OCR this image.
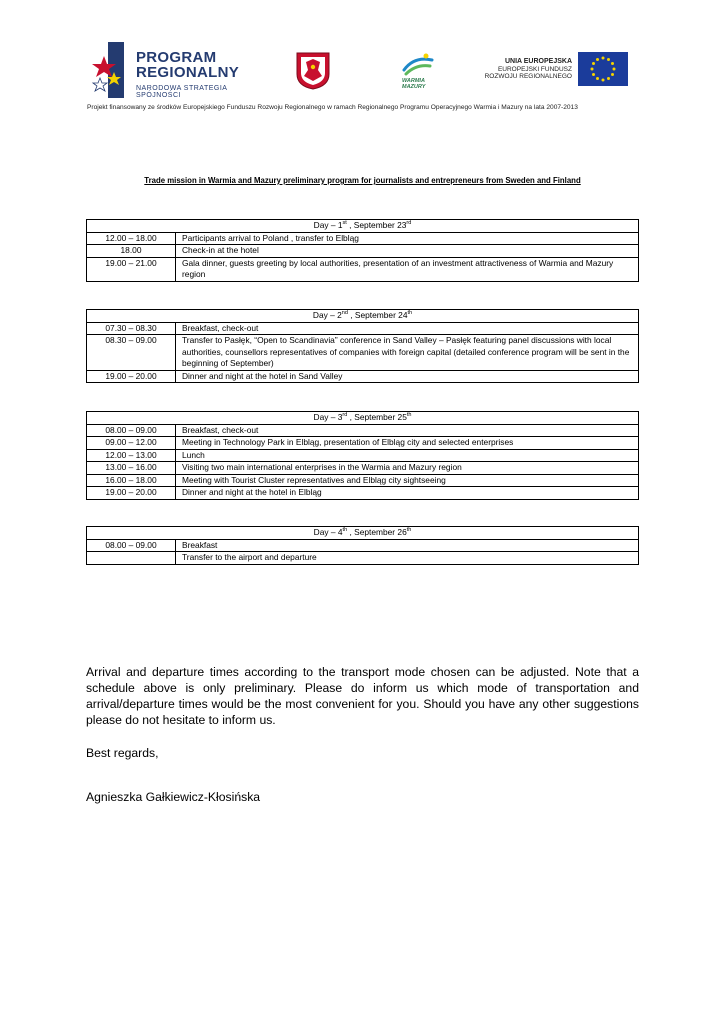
PROGRAM
REGIONALNY
NARODOWA STRATEGIA SPÓJNOŚCI
WARMIA
MAZURY
UNIA EUROPEJSKA
EUROPEJSKI FUNDUSZ
ROZWOJU REGIONALNEGO
Projekt finansowany ze środków Europejskiego Funduszu Rozwoju Regionalnego w ramach Regionalnego Programu Operacyjnego Warmia i Mazury na lata 2007-2013
Trade mission in Warmia and Mazury preliminary program for journalists and entrepreneurs from Sweden and Finland
Day – 1st , September 23rd
12.00 – 18.00	Participants arrival to Poland , transfer to Elbląg
18.00	Check-in at the hotel
19.00 – 21.00	Gala dinner, guests greeting by local authorities, presentation of an investment attractiveness of Warmia and Mazury region
Day – 2nd , September 24th
07.30 – 08.30	Breakfast, check-out
08.30 – 09.00	Transfer to Pasłęk, “Open to Scandinavia” conference in Sand Valley – Pasłęk featuring panel discussions with local authorities, counsellors representatives of companies with foreign capital (detailed conference program will be sent in the beginning of September)
19.00 – 20.00	Dinner and night at the hotel in Sand Valley
Day – 3rd , September 25th
08.00 – 09.00	Breakfast, check-out
09.00 – 12.00	Meeting in Technology Park in Elbląg, presentation of Elbląg city and selected enterprises
12.00 – 13.00	Lunch
13.00 – 16.00	Visiting two main international enterprises in the Warmia and Mazury region
16.00 – 18.00	Meeting with Tourist Cluster representatives and Elbląg city sightseeing
19.00 – 20.00	Dinner and night at the hotel in Elbląg
Day – 4th , September 26th
08.00 – 09.00	Breakfast
	Transfer to the airport and departure

Arrival and departure times according to the transport mode chosen can be adjusted. Note that a schedule above is only preliminary. Please do inform us which mode of transportation and arrival/departure times would be the most convenient for you. Should you have any other suggestions please do not hesitate to inform us.

Best regards,
Agnieszka Gałkiewicz-Kłosińska
